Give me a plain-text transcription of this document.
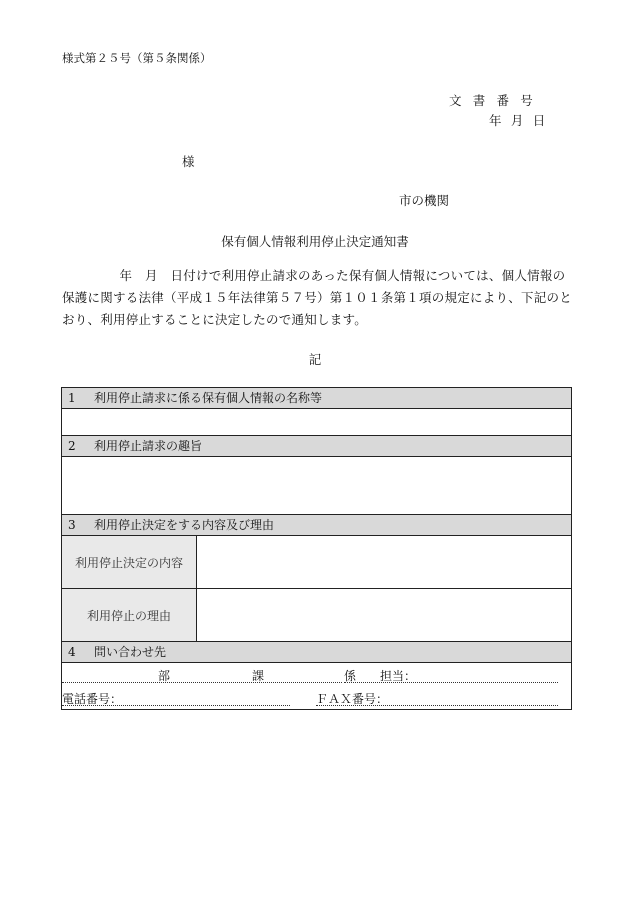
様式第２５号（第５条関係）
文書番号
年月日
様
市の機関
保有個人情報利用停止決定通知書
年　月　日付けで利用停止請求のあった保有個人情報については、個人情報の保護に関する法律（平成１５年法律第５７号）第１０１条第１項の規定により、下記のとおり、利用停止することに決定したので通知します。
記
1 利用停止請求に係る保有個人情報の名称等
2 利用停止請求の趣旨
3 利用停止決定をする内容及び理由
利用停止決定の内容
利用停止の理由
4 問い合わせ先
部	課	係 担当：
電話番号：	ＦＡＸ番号：
